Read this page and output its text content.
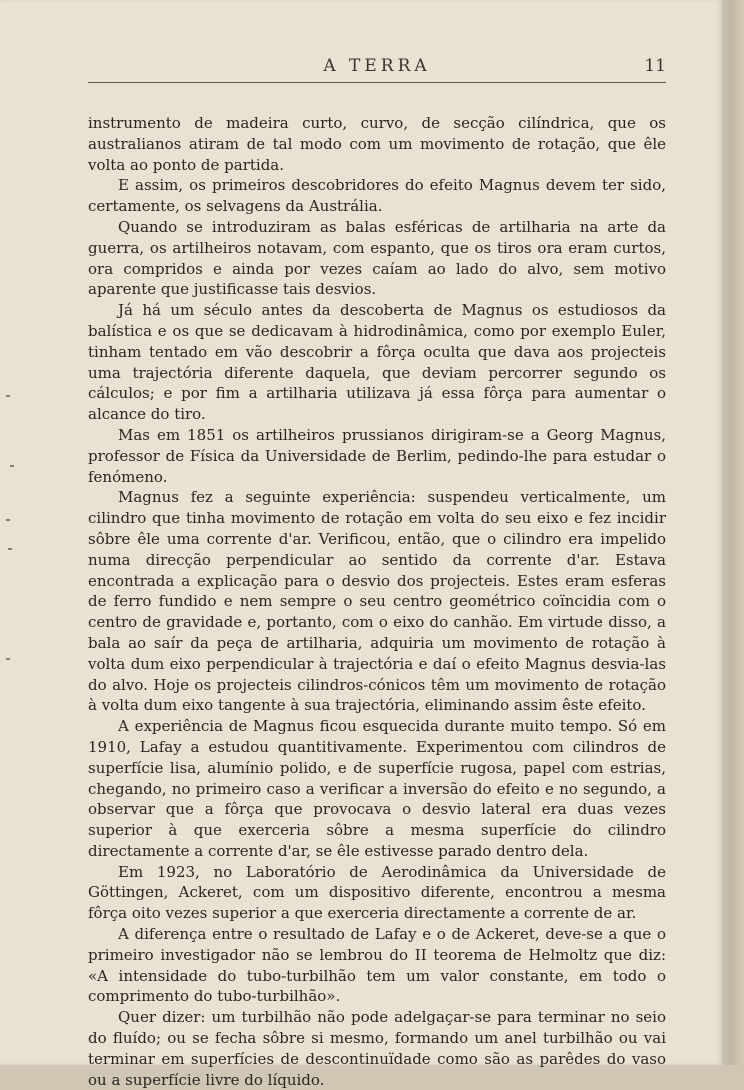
A TERRA	11

instrumento de madeira curto, curvo, de secção cilíndrica, que os australianos atiram de tal modo com um movimento de rotação, que êle volta ao ponto de partida.

E assim, os primeiros descobridores do efeito Magnus devem ter sido, certamente, os selvagens da Austrália.

Quando se introduziram as balas esféricas de artilharia na arte da guerra, os artilheiros notavam, com espanto, que os tiros ora eram curtos, ora compridos e ainda por vezes caíam ao lado do alvo, sem motivo aparente que justificasse tais desvios.

Já há um século antes da descoberta de Magnus os estudiosos da balística e os que se dedicavam à hidrodinâmica, como por exemplo Euler, tinham tentado em vão descobrir a fôrça oculta que dava aos projecteis uma trajectória diferente daquela, que deviam percorrer segundo os cálculos; e por fim a artilharia utilizava já essa fôrça para aumentar o alcance do tiro.

Mas em 1851 os artilheiros prussianos dirigiram-se a Georg Magnus, professor de Física da Universidade de Berlim, pedindo-lhe para estudar o fenómeno.

Magnus fez a seguinte experiência: suspendeu verticalmente, um cilindro que tinha movimento de rotação em volta do seu eixo e fez incidir sôbre êle uma corrente d'ar. Verificou, então, que o cilindro era impelido numa direcção perpendicular ao sentido da corrente d'ar. Estava encontrada a explicação para o desvio dos projecteis. Estes eram esferas de ferro fundido e nem sempre o seu centro geométrico coïncidia com o centro de gravidade e, portanto, com o eixo do canhão. Em virtude disso, a bala ao saír da peça de artilharia, adquiria um movimento de rotação à volta dum eixo perpendicular à trajectória e daí o efeito Magnus desvia-las do alvo. Hoje os projecteis cilindros-cónicos têm um movimento de rotação à volta dum eixo tangente à sua trajectória, eliminando assim êste efeito.

A experiência de Magnus ficou esquecida durante muito tempo. Só em 1910, Lafay a estudou quantitivamente. Experimentou com cilindros de superfície lisa, alumínio polido, e de superfície rugosa, papel com estrias, chegando, no primeiro caso a verificar a inversão do efeito e no segundo, a observar que a fôrça que provocava o desvio lateral era duas vezes superior à que exerceria sôbre a mesma superfície do cilindro directamente a corrente d'ar, se êle estivesse parado dentro dela.

Em 1923, no Laboratório de Aerodinâmica da Universidade de Göttingen, Ackeret, com um dispositivo diferente, encontrou a mesma fôrça oito vezes superior a que exerceria directamente a corrente de ar.

A diferença entre o resultado de Lafay e o de Ackeret, deve-se a que o primeiro investigador não se lembrou do II teorema de Helmoltz que diz: «A intensidade do tubo-turbilhão tem um valor constante, em todo o comprimento do tubo-turbilhão».

Quer dizer: um turbilhão não pode adelgaçar-se para terminar no seio do fluído; ou se fecha sôbre si mesmo, formando um anel turbilhão ou vai terminar em superfícies de descontinuïdade como são as parêdes do vaso ou a superfície livre do líquido.
